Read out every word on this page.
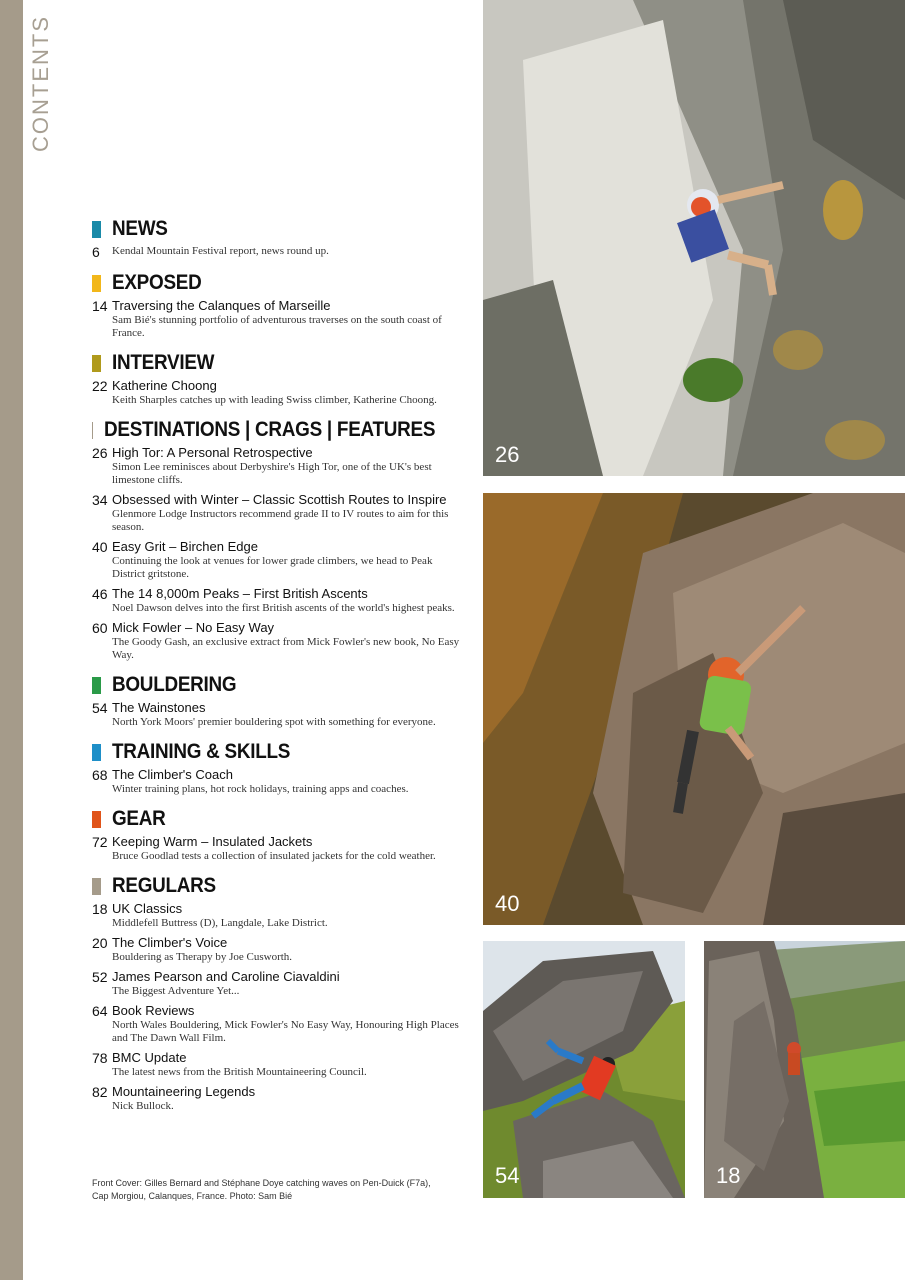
CONTENTS
NEWS
6	Kendal Mountain Festival report, news round up.
EXPOSED
14 Traversing the Calanques of Marseille
Sam Bié's stunning portfolio of adventurous traverses on the south coast of France.
INTERVIEW
22 Katherine Choong
Keith Sharples catches up with leading Swiss climber, Katherine Choong.
DESTINATIONS | CRAGS | FEATURES
26 High Tor: A Personal Retrospective
Simon Lee reminisces about Derbyshire's High Tor, one of the UK's best limestone cliffs.
34 Obsessed with Winter – Classic Scottish Routes to Inspire
Glenmore Lodge Instructors recommend grade II to IV routes to aim for this season.
40 Easy Grit – Birchen Edge
Continuing the look at venues for lower grade climbers, we head to Peak District gritstone.
46 The 14 8,000m Peaks – First British Ascents
Noel Dawson delves into the first British ascents of the world's highest peaks.
60 Mick Fowler – No Easy Way
The Goody Gash, an exclusive extract from Mick Fowler's new book, No Easy Way.
BOULDERING
54 The Wainstones
North York Moors' premier bouldering spot with something for everyone.
TRAINING & SKILLS
68 The Climber's Coach
Winter training plans, hot rock holidays, training apps and coaches.
GEAR
72 Keeping Warm – Insulated Jackets
Bruce Goodlad tests a collection of insulated jackets for the cold weather.
REGULARS
18 UK Classics
Middlefell Buttress (D), Langdale, Lake District.
20 The Climber's Voice
Bouldering as Therapy by Joe Cusworth.
52 James Pearson and Caroline Ciavaldini
The Biggest Adventure Yet...
64 Book Reviews
North Wales Bouldering, Mick Fowler's No Easy Way, Honouring High Places and The Dawn Wall Film.
78 BMC Update
The latest news from the British Mountaineering Council.
82 Mountaineering Legends
Nick Bullock.
Front Cover: Gilles Bernard and Stéphane Doye catching waves on Pen-Duick (F7a),
Cap Morgiou, Calanques, France. Photo: Sam Bié
26
40
54	18
